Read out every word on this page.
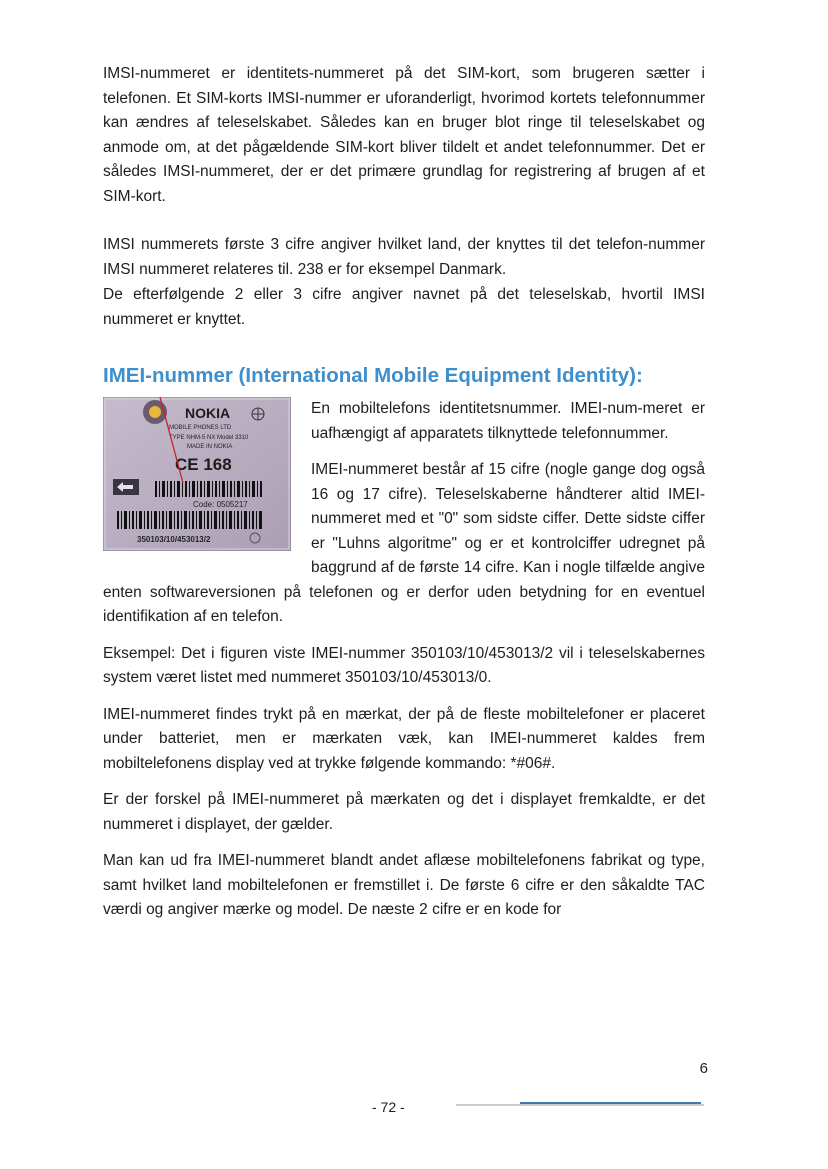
IMSI-nummeret er identitets-nummeret på det SIM-kort, som brugeren sætter i telefonen. Et SIM-korts IMSI-nummer er uforanderligt, hvorimod kortets telefonnummer kan ændres af teleselskabet. Således kan en bruger blot ringe til teleselskabet og anmode om, at det pågældende SIM-kort bliver tildelt et andet telefonnummer. Det er således IMSI-nummeret, der er det primære grundlag for registrering af brugen af et SIM-kort.

IMSI nummerets første 3 cifre angiver hvilket land, der knyttes til det telefon-nummer IMSI nummeret relateres til. 238 er for eksempel Danmark.

De efterfølgende 2 eller 3 cifre angiver navnet på det teleselskab, hvortil IMSI nummeret er knyttet.

IMEI-nummer (International Mobile Equipment Identity):
NOKIA
MOBILE PHONES LTD
TYPE NHM-5 NX Model 3310
MADE IN NOKIA
CE 168
Code: 0505217
350103/10/453013/2

En mobiltelefons identitetsnummer. IMEI-num-meret er uafhængigt af apparatets tilknyttede telefonnummer.

IMEI-nummeret består af 15 cifre (nogle gange dog også 16 og 17 cifre). Teleselskaberne håndterer altid IMEI-nummeret med et "0" som sidste ciffer. Dette sidste ciffer er "Luhns algoritme" og er et kontrolciffer udregnet på baggrund af de første 14 cifre. Kan i nogle tilfælde angive enten softwareversionen på telefonen og er derfor uden betydning for en eventuel identifikation af en telefon.

Eksempel: Det i figuren viste IMEI-nummer 350103/10/453013/2 vil i teleselskabernes system været listet med nummeret 350103/10/453013/0.

IMEI-nummeret findes trykt på en mærkat, der på de fleste mobiltelefoner er placeret under batteriet, men er mærkaten væk, kan IMEI-nummeret kaldes frem mobiltelefonens display ved at trykke følgende kommando: *#06#.

Er der forskel på IMEI-nummeret på mærkaten og det i displayet fremkaldte, er det nummeret i displayet, der gælder.

Man kan ud fra IMEI-nummeret blandt andet aflæse mobiltelefonens fabrikat og type, samt hvilket land mobiltelefonen er fremstillet i. De første 6 cifre er den såkaldte TAC værdi og angiver mærke og model. De næste 2 cifre er en kode for

6

- 72 -
